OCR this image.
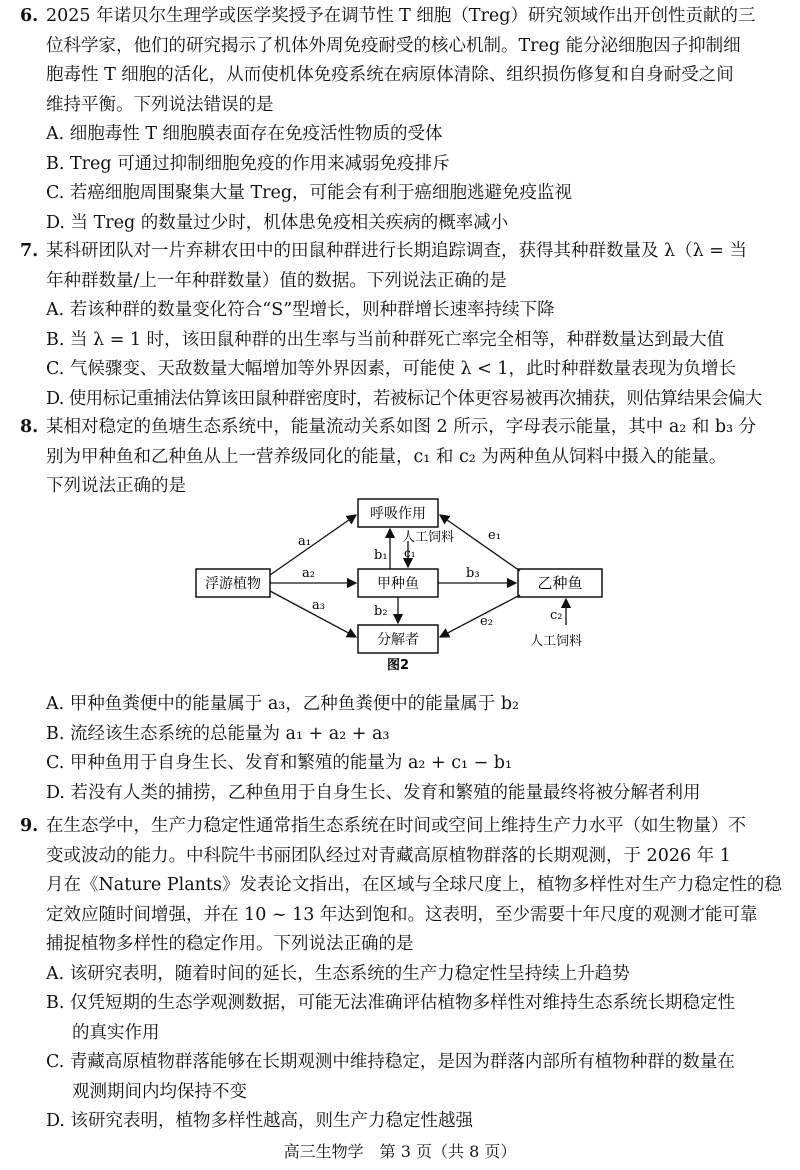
6. 2025 年诺贝尔生理学或医学奖授予在调节性 T 细胞（Treg）研究领域作出开创性贡献的三
位科学家，他们的研究揭示了机体外周免疫耐受的核心机制。Treg 能分泌细胞因子抑制细
胞毒性 T 细胞的活化，从而使机体免疫系统在病原体清除、组织损伤修复和自身耐受之间
维持平衡。下列说法错误的是
A. 细胞毒性 T 细胞膜表面存在免疫活性物质的受体
B. Treg 可通过抑制细胞免疫的作用来减弱免疫排斥
C. 若癌细胞周围聚集大量 Treg，可能会有利于癌细胞逃避免疫监视
D. 当 Treg 的数量过少时，机体患免疫相关疾病的概率减小
7. 某科研团队对一片弃耕农田中的田鼠种群进行长期追踪调查，获得其种群数量及 λ（λ = 当
年种群数量/上一年种群数量）值的数据。下列说法正确的是
A. 若该种群的数量变化符合“S”型增长，则种群增长速率持续下降
B. 当 λ = 1 时，该田鼠种群的出生率与当前种群死亡率完全相等，种群数量达到最大值
C. 气候骤变、天敌数量大幅增加等外界因素，可能使 λ < 1，此时种群数量表现为负增长
D. 使用标记重捕法估算该田鼠种群密度时，若被标记个体更容易被再次捕获，则估算结果会偏大
8. 某相对稳定的鱼塘生态系统中，能量流动关系如图 2 所示，字母表示能量，其中 a₂ 和 b₃ 分
别为甲种鱼和乙种鱼从上一营养级同化的能量，c₁ 和 c₂ 为两种鱼从饲料中摄入的能量。
下列说法正确的是
浮游植物
呼吸作用
甲种鱼	乙种鱼
分解者
a₁
a₂
a₃
b₁ c₁
b₂
b₃
e₁
e₂	c₂
人工饲料
人工饲料
图2
A. 甲种鱼粪便中的能量属于 a₃，乙种鱼粪便中的能量属于 b₂
B. 流经该生态系统的总能量为 a₁ + a₂ + a₃
C. 甲种鱼用于自身生长、发育和繁殖的能量为 a₂ + c₁ − b₁
D. 若没有人类的捕捞，乙种鱼用于自身生长、发育和繁殖的能量最终将被分解者利用
9. 在生态学中，生产力稳定性通常指生态系统在时间或空间上维持生产力水平（如生物量）不
变或波动的能力。中科院牛书丽团队经过对青藏高原植物群落的长期观测，于 2026 年 1
月在《Nature Plants》发表论文指出，在区域与全球尺度上，植物多样性对生产力稳定性的稳
定效应随时间增强，并在 10 ~ 13 年达到饱和。这表明，至少需要十年尺度的观测才能可靠
捕捉植物多样性的稳定作用。下列说法正确的是
A. 该研究表明，随着时间的延长，生态系统的生产力稳定性呈持续上升趋势
B. 仅凭短期的生态学观测数据，可能无法准确评估植物多样性对维持生态系统长期稳定性
的真实作用
C. 青藏高原植物群落能够在长期观测中维持稳定，是因为群落内部所有植物种群的数量在
观测期间内均保持不变
D. 该研究表明，植物多样性越高，则生产力稳定性越强
高三生物学　第 3 页（共 8 页）
